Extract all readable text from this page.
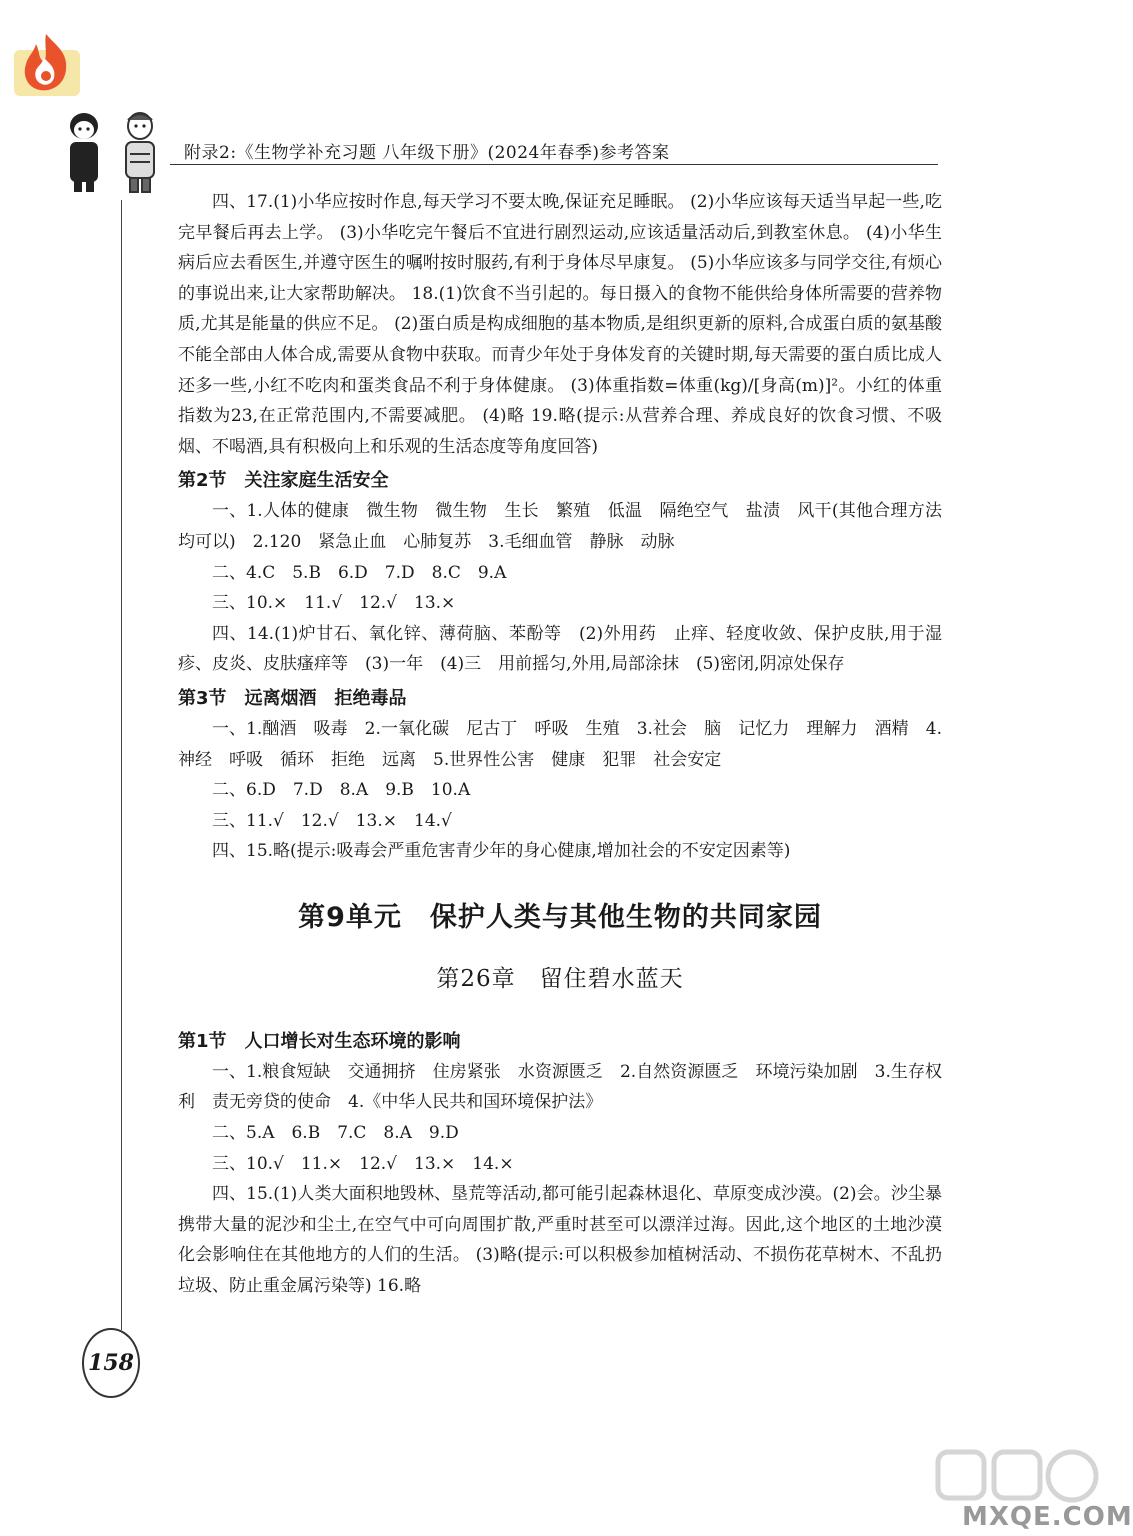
附录2:《生物学补充习题 八年级下册》(2024年春季)参考答案
158

四、17.(1)小华应按时作息,每天学习不要太晚,保证充足睡眠。 (2)小华应该每天适当早起一些,吃完早餐后再去上学。 (3)小华吃完午餐后不宜进行剧烈运动,应该适量活动后,到教室休息。 (4)小华生病后应去看医生,并遵守医生的嘱咐按时服药,有利于身体尽早康复。 (5)小华应该多与同学交往,有烦心的事说出来,让大家帮助解决。 18.(1)饮食不当引起的。每日摄入的食物不能供给身体所需要的营养物质,尤其是能量的供应不足。 (2)蛋白质是构成细胞的基本物质,是组织更新的原料,合成蛋白质的氨基酸不能全部由人体合成,需要从食物中获取。而青少年处于身体发育的关键时期,每天需要的蛋白质比成人还多一些,小红不吃肉和蛋类食品不利于身体健康。 (3)体重指数=体重(kg)/[身高(m)]²。小红的体重指数为23,在正常范围内,不需要减肥。 (4)略 19.略(提示:从营养合理、养成良好的饮食习惯、不吸烟、不喝酒,具有积极向上和乐观的生活态度等角度回答)

第2节　关注家庭生活安全

一、1.人体的健康　微生物　微生物　生长　繁殖　低温　隔绝空气　盐渍　风干(其他合理方法均可以)　2.120　紧急止血　心肺复苏　3.毛细血管　静脉　动脉

二、4.C　5.B　6.D　7.D　8.C　9.A

三、10.×　11.√　12.√　13.×

四、14.(1)炉甘石、氧化锌、薄荷脑、苯酚等　(2)外用药　止痒、轻度收敛、保护皮肤,用于湿疹、皮炎、皮肤瘙痒等　(3)一年　(4)三　用前摇匀,外用,局部涂抹　(5)密闭,阴凉处保存

第3节　远离烟酒　拒绝毒品

一、1.酗酒　吸毒　2.一氧化碳　尼古丁　呼吸　生殖　3.社会　脑　记忆力　理解力　酒精　4.神经　呼吸　循环　拒绝　远离　5.世界性公害　健康　犯罪　社会安定

二、6.D　7.D　8.A　9.B　10.A

三、11.√　12.√　13.×　14.√

四、15.略(提示:吸毒会严重危害青少年的身心健康,增加社会的不安定因素等)

第9单元　保护人类与其他生物的共同家园
第26章　留住碧水蓝天
第1节　人口增长对生态环境的影响

一、1.粮食短缺　交通拥挤　住房紧张　水资源匮乏　2.自然资源匮乏　环境污染加剧　3.生存权利　责无旁贷的使命　4.《中华人民共和国环境保护法》

二、5.A　6.B　7.C　8.A　9.D

三、10.√　11.×　12.√　13.×　14.×

四、15.(1)人类大面积地毁林、垦荒等活动,都可能引起森林退化、草原变成沙漠。(2)会。沙尘暴携带大量的泥沙和尘土,在空气中可向周围扩散,严重时甚至可以漂洋过海。因此,这个地区的土地沙漠化会影响住在其他地方的人们的生活。 (3)略(提示:可以积极参加植树活动、不损伤花草树木、不乱扔垃圾、防止重金属污染等) 16.略

MXQE.COM
